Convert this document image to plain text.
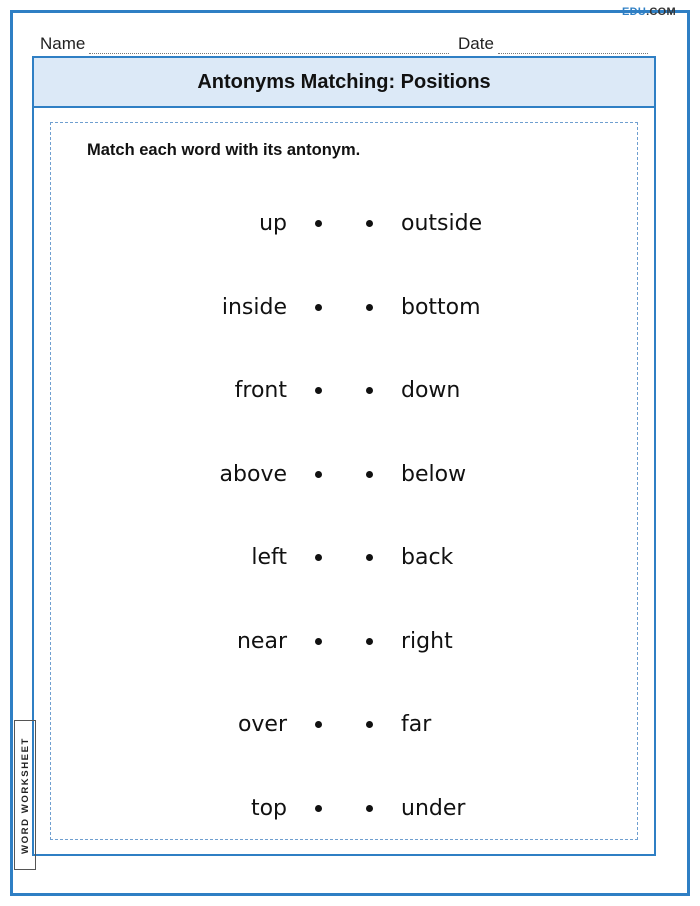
EDU.COM
Name	Date
Antonyms Matching: Positions
Match each word with its antonym.
up	outside
inside	bottom
front	down
above	below
left	back
near	right
over	far
top	under
WORD WORKSHEET
